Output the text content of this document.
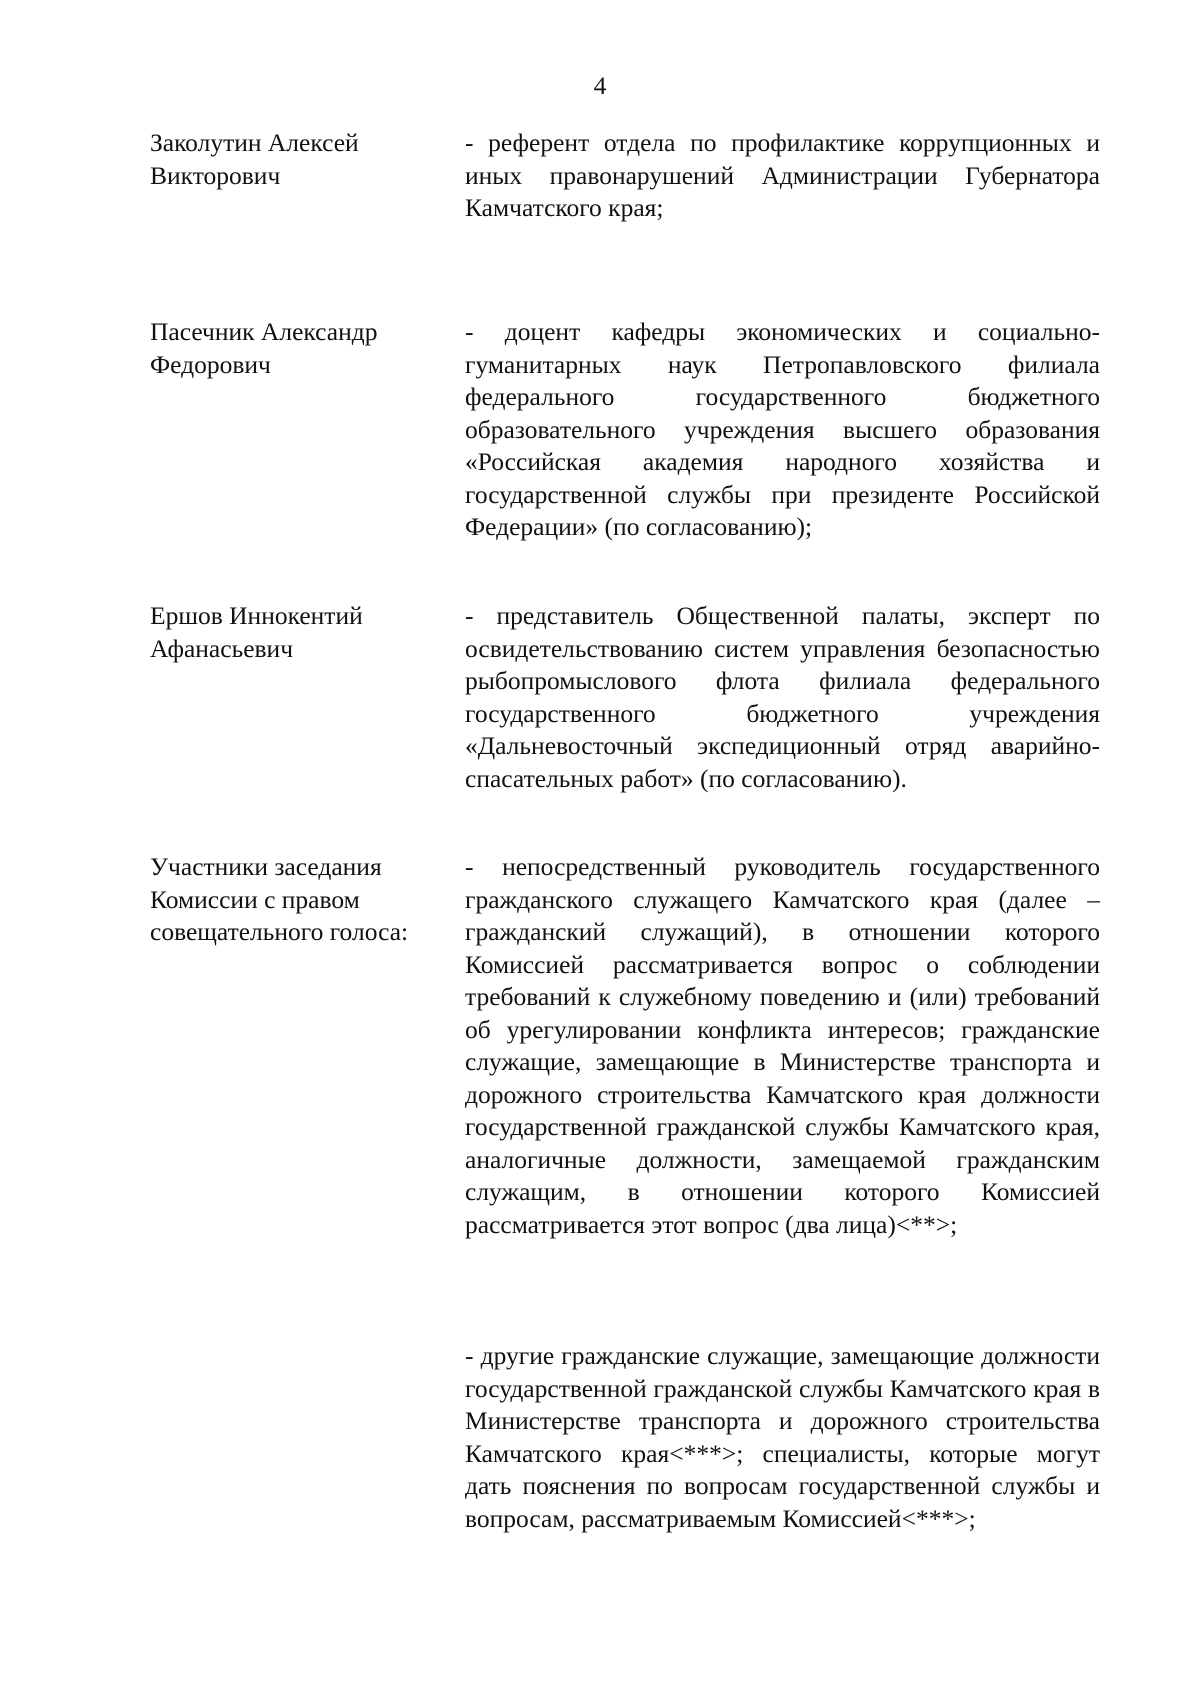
4
Заколутин Алексей
Викторович
- референт отдела по профилактике коррупционных и иных правонарушений Администрации Губернатора Камчатского края;
Пасечник Александр
Федорович
- доцент кафедры экономических и социально-гуманитарных наук Петропавловского филиала федерального государственного бюджетного образовательного учреждения высшего образования «Российская академия народного хозяйства и государственной службы при президенте Российской Федерации» (по согласованию);
Ершов Иннокентий
Афанасьевич
- представитель Общественной палаты, эксперт по освидетельствованию систем управления безопасностью рыбопромыслового флота филиала федерального государственного бюджетного учреждения «Дальневосточный экспедиционный отряд аварийно-спасательных работ» (по согласованию).
Участники заседания
Комиссии с правом
совещательного голоса:
- непосредственный руководитель государственного гражданского служащего Камчатского края (далее – гражданский служащий), в отношении которого Комиссией рассматривается вопрос о соблюдении требований к служебному поведению и (или) требований об урегулировании конфликта интересов; гражданские служащие, замещающие в Министерстве транспорта и дорожного строительства Камчатского края должности государственной гражданской службы Камчатского края, аналогичные должности, замещаемой гражданским служащим, в отношении которого Комиссией рассматривается этот вопрос (два лица)<**>;
- другие гражданские служащие, замещающие должности государственной гражданской службы Камчатского края в Министерстве транспорта и дорожного строительства Камчатского края<***>; специалисты, которые могут дать пояснения по вопросам государственной службы и вопросам, рассматриваемым Комиссией<***>;
